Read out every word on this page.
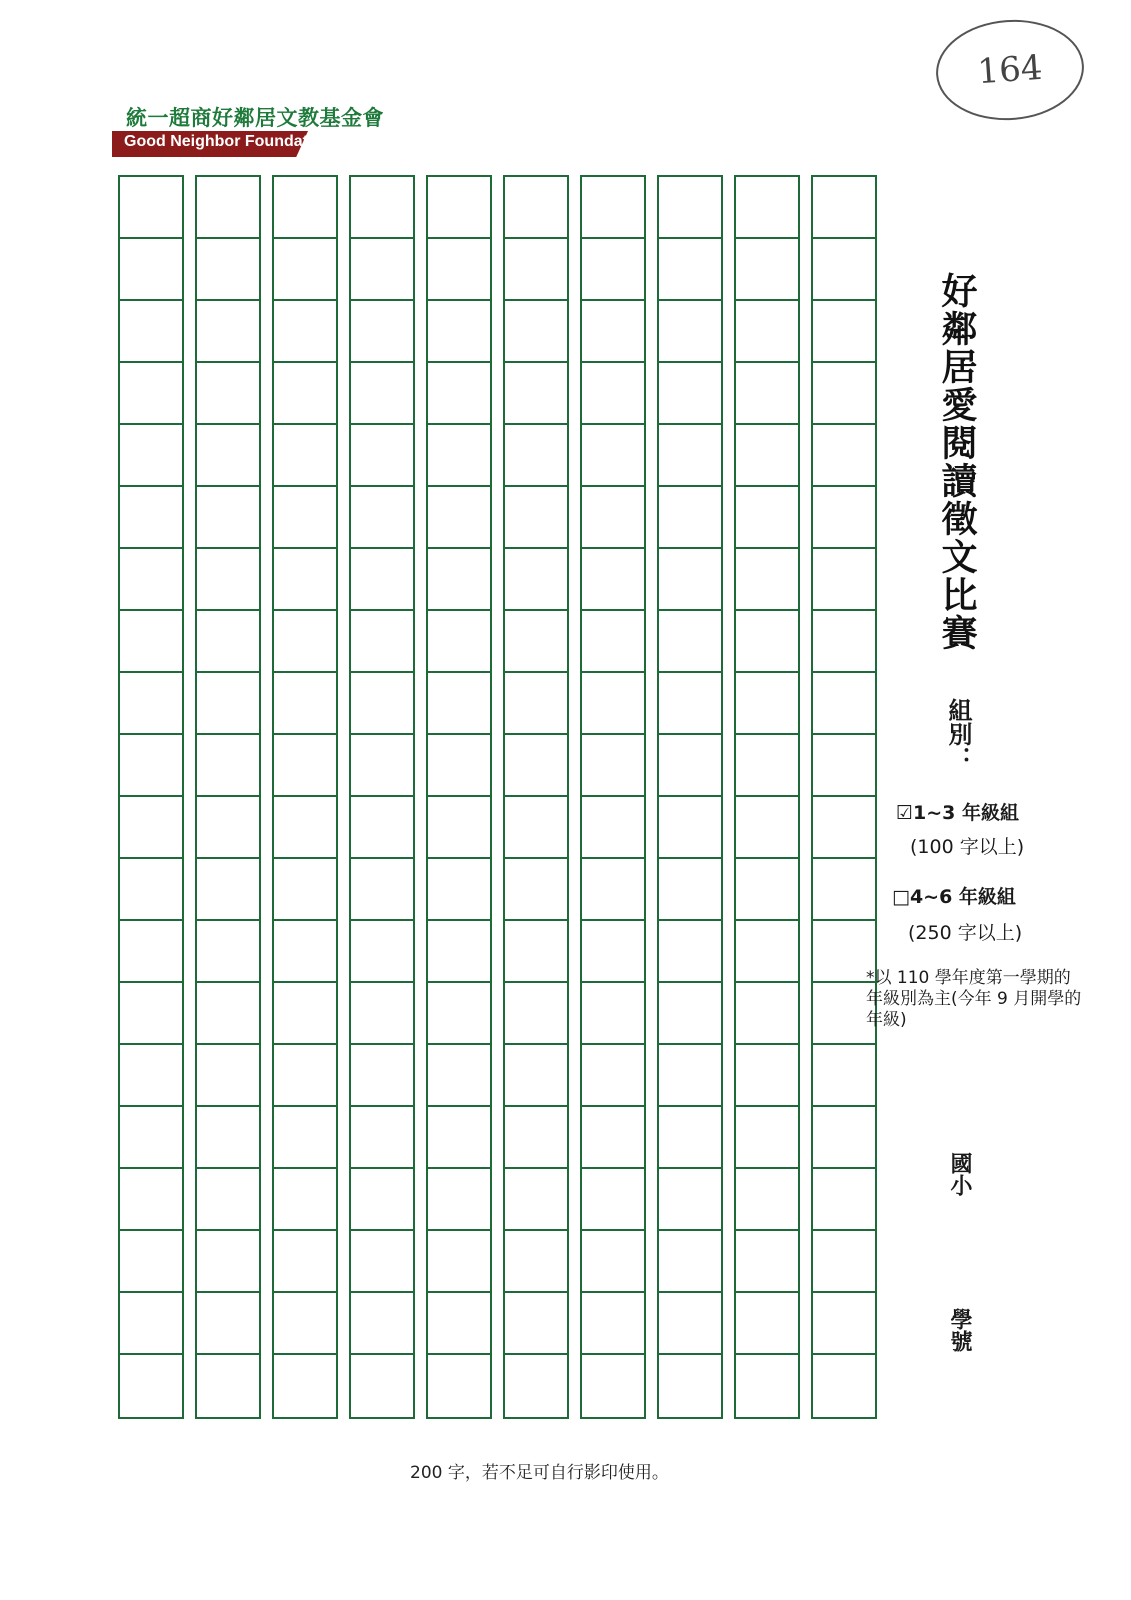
164
統一超商好鄰居文教基金會
Good Neighbor Foundation
好鄰居愛閱讀徵文比賽
組別：
☑1~3 年級組
(100 字以上)
□4~6 年級組
(250 字以上)
*以 110 學年度第一學期的年級別為主(今年 9 月開學的年級)
國小
學號
200 字，若不足可自行影印使用。
